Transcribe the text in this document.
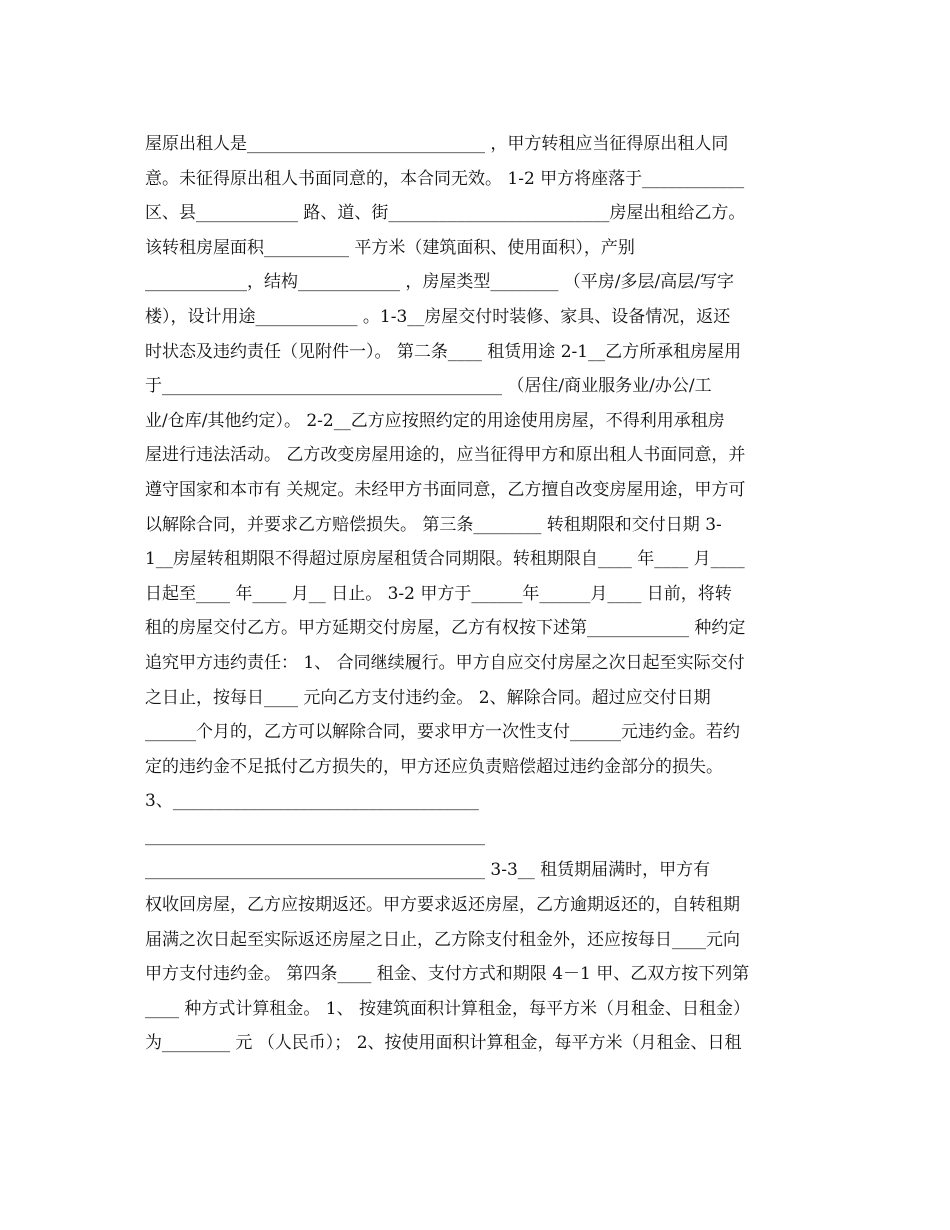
屋原出租人是____________________________ ，甲方转租应当征得原出租人同
意。未征得原出租人书面同意的，本合同无效。 1-2 甲方将座落于____________
区、县____________ 路、道、街__________________________房屋出租给乙方。
该转租房屋面积__________ 平方米（建筑面积、使用面积），产别
____________，结构____________ ，房屋类型________ （平房/多层/高层/写字
楼），设计用途____________ 。1-3__房屋交付时装修、家具、设备情况，返还
时状态及违约责任（见附件一）。 第二条____ 租赁用途 2-1__乙方所承租房屋用
于________________________________________ （居住/商业服务业/办公/工
业/仓库/其他约定）。 2-2__乙方应按照约定的用途使用房屋，不得利用承租房
屋进行违法活动。 乙方改变房屋用途的，应当征得甲方和原出租人书面同意，并
遵守国家和本市有 关规定。未经甲方书面同意，乙方擅自改变房屋用途，甲方可
以解除合同，并要求乙方赔偿损失。 第三条________ 转租期限和交付日期 3-
1__房屋转租期限不得超过原房屋租赁合同期限。转租期限自____ 年____ 月____
日起至____ 年____ 月__ 日止。 3-2 甲方于______年______月____ 日前，将转
租的房屋交付乙方。甲方延期交付房屋，乙方有权按下述第____________ 种约定
追究甲方违约责任： 1、 合同继续履行。甲方自应交付房屋之次日起至实际交付
之日止，按每日____ 元向乙方支付违约金。 2、解除合同。超过应交付日期
______个月的，乙方可以解除合同，要求甲方一次性支付______元违约金。若约
定的违约金不足抵付乙方损失的，甲方还应负责赔偿超过违约金部分的损失。
3、____________________________________
________________________________________
________________________________________ 3-3__ 租赁期届满时，甲方有
权收回房屋，乙方应按期返还。甲方要求返还房屋，乙方逾期返还的，自转租期
届满之次日起至实际返还房屋之日止，乙方除支付租金外，还应按每日____元向
甲方支付违约金。 第四条____ 租金、支付方式和期限 4－1 甲、乙双方按下列第
____ 种方式计算租金。 1、 按建筑面积计算租金，每平方米（月租金、日租金）
为________ 元 （人民币）； 2、按使用面积计算租金，每平方米（月租金、日租
